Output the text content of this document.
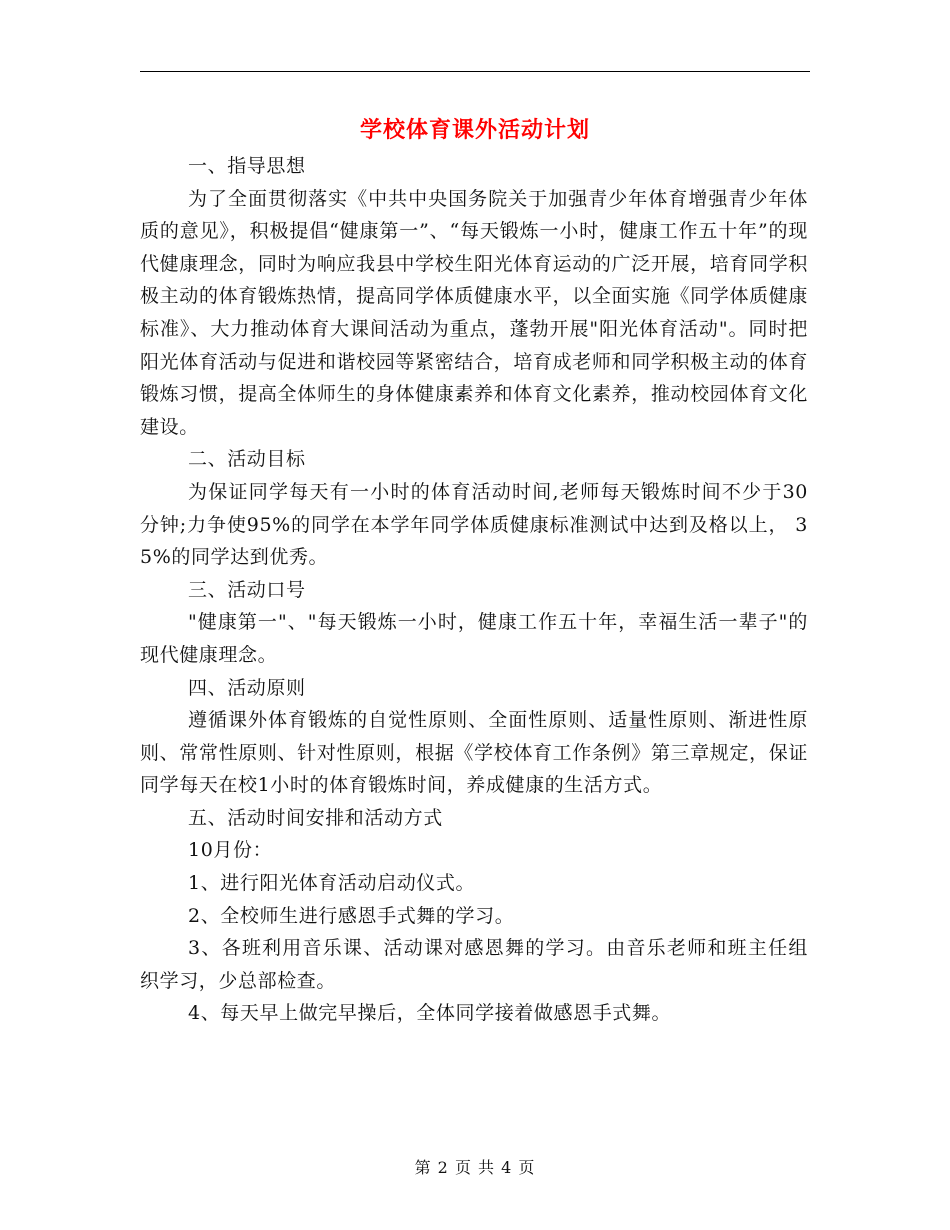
学校体育课外活动计划

一、指导思想

为了全面贯彻落实《中共中央国务院关于加强青少年体育增强青少年体质的意见》，积极提倡“健康第一”、“每天锻炼一小时，健康工作五十年”的现代健康理念，同时为响应我县中学校生阳光体育运动的广泛开展，培育同学积极主动的体育锻炼热情，提高同学体质健康水平，以全面实施《同学体质健康标准》、大力推动体育大课间活动为重点，蓬勃开展"阳光体育活动"。同时把阳光体育活动与促进和谐校园等紧密结合，培育成老师和同学积极主动的体育锻炼习惯，提高全体师生的身体健康素养和体育文化素养，推动校园体育文化建设。

二、活动目标

为保证同学每天有一小时的体育活动时间,老师每天锻炼时间不少于30分钟;力争使95%的同学在本学年同学体质健康标准测试中达到及格以上， 35%的同学达到优秀。

三、活动口号

"健康第一"、"每天锻炼一小时，健康工作五十年，幸福生活一辈子"的现代健康理念。

四、活动原则

遵循课外体育锻炼的自觉性原则、全面性原则、适量性原则、渐进性原则、常常性原则、针对性原则，根据《学校体育工作条例》第三章规定，保证同学每天在校1小时的体育锻炼时间，养成健康的生活方式。

五、活动时间安排和活动方式

10月份：

1、进行阳光体育活动启动仪式。

2、全校师生进行感恩手式舞的学习。

3、各班利用音乐课、活动课对感恩舞的学习。由音乐老师和班主任组织学习，少总部检查。

4、每天早上做完早操后，全体同学接着做感恩手式舞。

第 2 页 共 4 页
